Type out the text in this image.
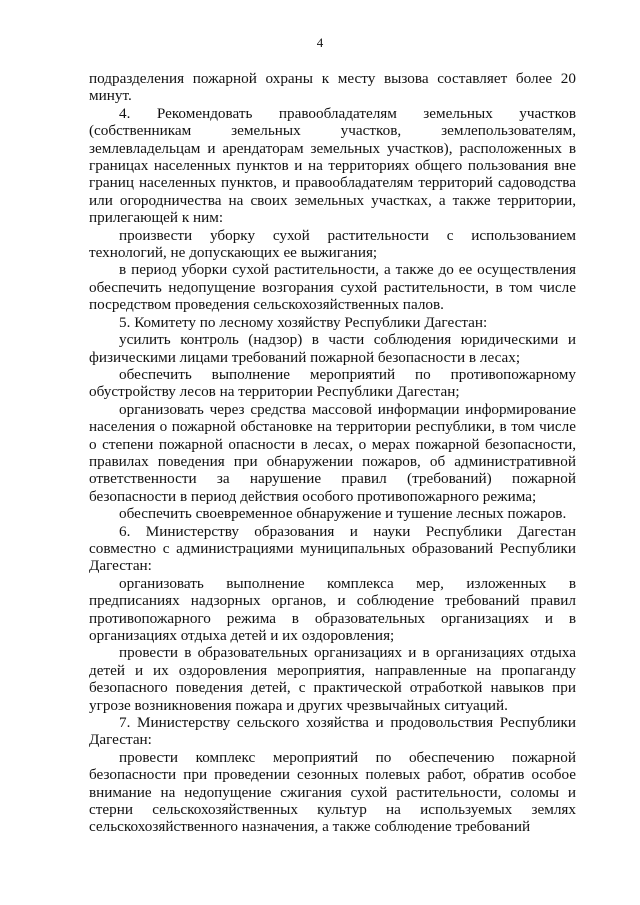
4

подразделения пожарной охраны к месту вызова составляет более 20 минут.

4. Рекомендовать правообладателям земельных участков (собственникам земельных участков, землепользователям, землевладельцам и арендаторам земельных участков), расположенных в границах населенных пунктов и на территориях общего пользования вне границ населенных пунктов, и правообладателям территорий садоводства или огородничества на своих земельных участках, а также территории, прилегающей к ним:

произвести уборку сухой растительности с использованием технологий, не допускающих ее выжигания;

в период уборки сухой растительности, а также до ее осуществления обеспечить недопущение возгорания сухой растительности, в том числе посредством проведения сельскохозяйственных палов.

5. Комитету по лесному хозяйству Республики Дагестан:

усилить контроль (надзор) в части соблюдения юридическими и физическими лицами требований пожарной безопасности в лесах;

обеспечить выполнение мероприятий по противопожарному обустройству лесов на территории Республики Дагестан;

организовать через средства массовой информации информирование населения о пожарной обстановке на территории республики, в том числе о степени пожарной опасности в лесах, о мерах пожарной безопасности, правилах поведения при обнаружении пожаров, об административной ответственности за нарушение правил (требований) пожарной безопасности в период действия особого противопожарного режима;

обеспечить своевременное обнаружение и тушение лесных пожаров.

6. Министерству образования и науки Республики Дагестан совместно с администрациями муниципальных образований Республики Дагестан:

организовать выполнение комплекса мер, изложенных в предписаниях надзорных органов, и соблюдение требований правил противопожарного режима в образовательных организациях и в организациях отдыха детей и их оздоровления;

провести в образовательных организациях и в организациях отдыха детей и их оздоровления мероприятия, направленные на пропаганду безопасного поведения детей, с практической отработкой навыков при угрозе возникновения пожара и других чрезвычайных ситуаций.

7. Министерству сельского хозяйства и продовольствия Республики Дагестан:

провести комплекс мероприятий по обеспечению пожарной безопасности при проведении сезонных полевых работ, обратив особое внимание на недопущение сжигания сухой растительности, соломы и стерни сельскохозяйственных культур на используемых землях сельскохозяйственного назначения, а также соблюдение требований
